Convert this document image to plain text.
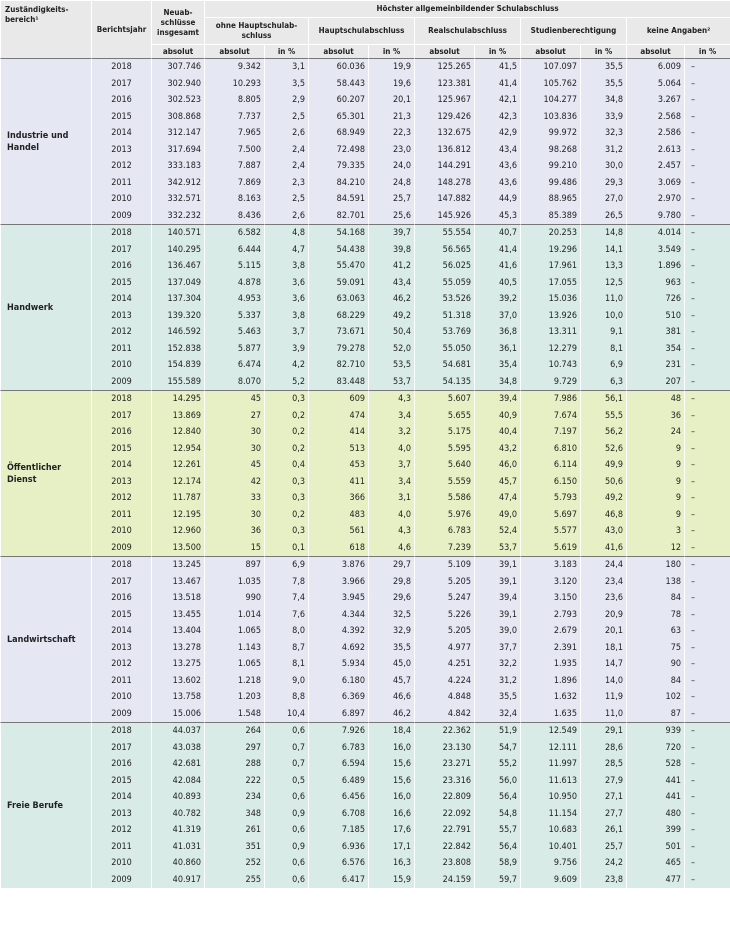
Zuständigkeits-bereich¹	Berichtsjahr	Neuab-schlüsse insgesamt	Höchster allgemeinbildender Schulabschluss									
			ohne Hauptschulab-schluss		Hauptschulabschluss		Realschulabschluss		Studienberechtigung		keine Angaben²	
		absolut	absolut	in %	absolut	in %	absolut	in %	absolut	in %	absolut	in %
Industrie und Handel	2018	307.746	9.342	3,1	60.036	19,9	125.265	41,5	107.097	35,5	6.009	–
	2017	302.940	10.293	3,5	58.443	19,6	123.381	41,4	105.762	35,5	5.064	–
	2016	302.523	8.805	2,9	60.207	20,1	125.967	42,1	104.277	34,8	3.267	–
	2015	308.868	7.737	2,5	65.301	21,3	129.426	42,3	103.836	33,9	2.568	–
	2014	312.147	7.965	2,6	68.949	22,3	132.675	42,9	99.972	32,3	2.586	–
	2013	317.694	7.500	2,4	72.498	23,0	136.812	43,4	98.268	31,2	2.613	–
	2012	333.183	7.887	2,4	79.335	24,0	144.291	43,6	99.210	30,0	2.457	–
	2011	342.912	7.869	2,3	84.210	24,8	148.278	43,6	99.486	29,3	3.069	–
	2010	332.571	8.163	2,5	84.591	25,7	147.882	44,9	88.965	27,0	2.970	–
	2009	332.232	8.436	2,6	82.701	25,6	145.926	45,3	85.389	26,5	9.780	–
Handwerk	2018	140.571	6.582	4,8	54.168	39,7	55.554	40,7	20.253	14,8	4.014	–
	2017	140.295	6.444	4,7	54.438	39,8	56.565	41,4	19.296	14,1	3.549	–
	2016	136.467	5.115	3,8	55.470	41,2	56.025	41,6	17.961	13,3	1.896	–
	2015	137.049	4.878	3,6	59.091	43,4	55.059	40,5	17.055	12,5	963	–
	2014	137.304	4.953	3,6	63.063	46,2	53.526	39,2	15.036	11,0	726	–
	2013	139.320	5.337	3,8	68.229	49,2	51.318	37,0	13.926	10,0	510	–
	2012	146.592	5.463	3,7	73.671	50,4	53.769	36,8	13.311	9,1	381	–
	2011	152.838	5.877	3,9	79.278	52,0	55.050	36,1	12.279	8,1	354	–
	2010	154.839	6.474	4,2	82.710	53,5	54.681	35,4	10.743	6,9	231	–
	2009	155.589	8.070	5,2	83.448	53,7	54.135	34,8	9.729	6,3	207	–
Öffentlicher Dienst	2018	14.295	45	0,3	609	4,3	5.607	39,4	7.986	56,1	48	–
	2017	13.869	27	0,2	474	3,4	5.655	40,9	7.674	55,5	36	–
	2016	12.840	30	0,2	414	3,2	5.175	40,4	7.197	56,2	24	–
	2015	12.954	30	0,2	513	4,0	5.595	43,2	6.810	52,6	9	–
	2014	12.261	45	0,4	453	3,7	5.640	46,0	6.114	49,9	9	–
	2013	12.174	42	0,3	411	3,4	5.559	45,7	6.150	50,6	9	–
	2012	11.787	33	0,3	366	3,1	5.586	47,4	5.793	49,2	9	–
	2011	12.195	30	0,2	483	4,0	5.976	49,0	5.697	46,8	9	–
	2010	12.960	36	0,3	561	4,3	6.783	52,4	5.577	43,0	3	–
	2009	13.500	15	0,1	618	4,6	7.239	53,7	5.619	41,6	12	–
Landwirtschaft	2018	13.245	897	6,9	3.876	29,7	5.109	39,1	3.183	24,4	180	–
	2017	13.467	1.035	7,8	3.966	29,8	5.205	39,1	3.120	23,4	138	–
	2016	13.518	990	7,4	3.945	29,6	5.247	39,4	3.150	23,6	84	–
	2015	13.455	1.014	7,6	4.344	32,5	5.226	39,1	2.793	20,9	78	–
	2014	13.404	1.065	8,0	4.392	32,9	5.205	39,0	2.679	20,1	63	–
	2013	13.278	1.143	8,7	4.692	35,5	4.977	37,7	2.391	18,1	75	–
	2012	13.275	1.065	8,1	5.934	45,0	4.251	32,2	1.935	14,7	90	–
	2011	13.602	1.218	9,0	6.180	45,7	4.224	31,2	1.896	14,0	84	–
	2010	13.758	1.203	8,8	6.369	46,6	4.848	35,5	1.632	11,9	102	–
	2009	15.006	1.548	10,4	6.897	46,2	4.842	32,4	1.635	11,0	87	–
Freie Berufe	2018	44.037	264	0,6	7.926	18,4	22.362	51,9	12.549	29,1	939	–
	2017	43.038	297	0,7	6.783	16,0	23.130	54,7	12.111	28,6	720	–
	2016	42.681	288	0,7	6.594	15,6	23.271	55,2	11.997	28,5	528	–
	2015	42.084	222	0,5	6.489	15,6	23.316	56,0	11.613	27,9	441	–
	2014	40.893	234	0,6	6.456	16,0	22.809	56,4	10.950	27,1	441	–
	2013	40.782	348	0,9	6.708	16,6	22.092	54,8	11.154	27,7	480	–
	2012	41.319	261	0,6	7.185	17,6	22.791	55,7	10.683	26,1	399	–
	2011	41.031	351	0,9	6.936	17,1	22.842	56,4	10.401	25,7	501	–
	2010	40.860	252	0,6	6.576	16,3	23.808	58,9	9.756	24,2	465	–
	2009	40.917	255	0,6	6.417	15,9	24.159	59,7	9.609	23,8	477	–
